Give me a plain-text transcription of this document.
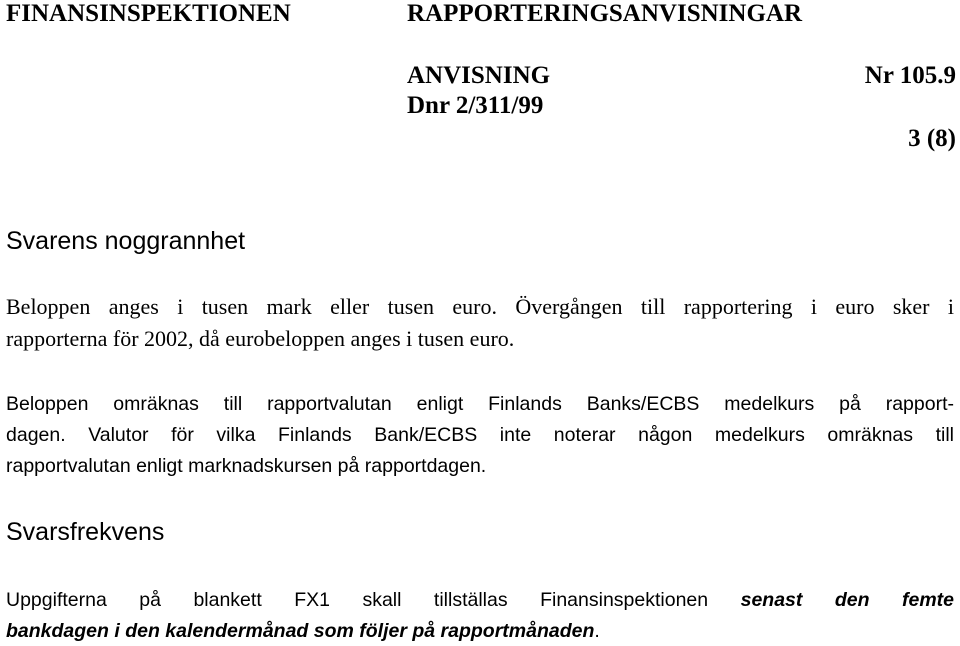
FINANSINSPEKTIONEN	RAPPORTERINGSANVISNINGAR
ANVISNING	Nr 105.9
Dnr 2/311/99
3 (8)
Svarens noggrannhet
Beloppen anges i tusen mark eller tusen euro. Övergången till rapportering i euro sker i
rapporterna för 2002, då eurobeloppen anges i tusen euro.
Beloppen omräknas till rapportvalutan enligt Finlands Banks/ECBS medelkurs på rapport-
dagen. Valutor för vilka Finlands Bank/ECBS inte noterar någon medelkurs omräknas till
rapportvalutan enligt marknadskursen på rapportdagen.
Svarsfrekvens
Uppgifterna på blankett FX1 skall tillställas Finansinspektionen senast den femte
bankdagen i den kalendermånad som följer på rapportmånaden.
